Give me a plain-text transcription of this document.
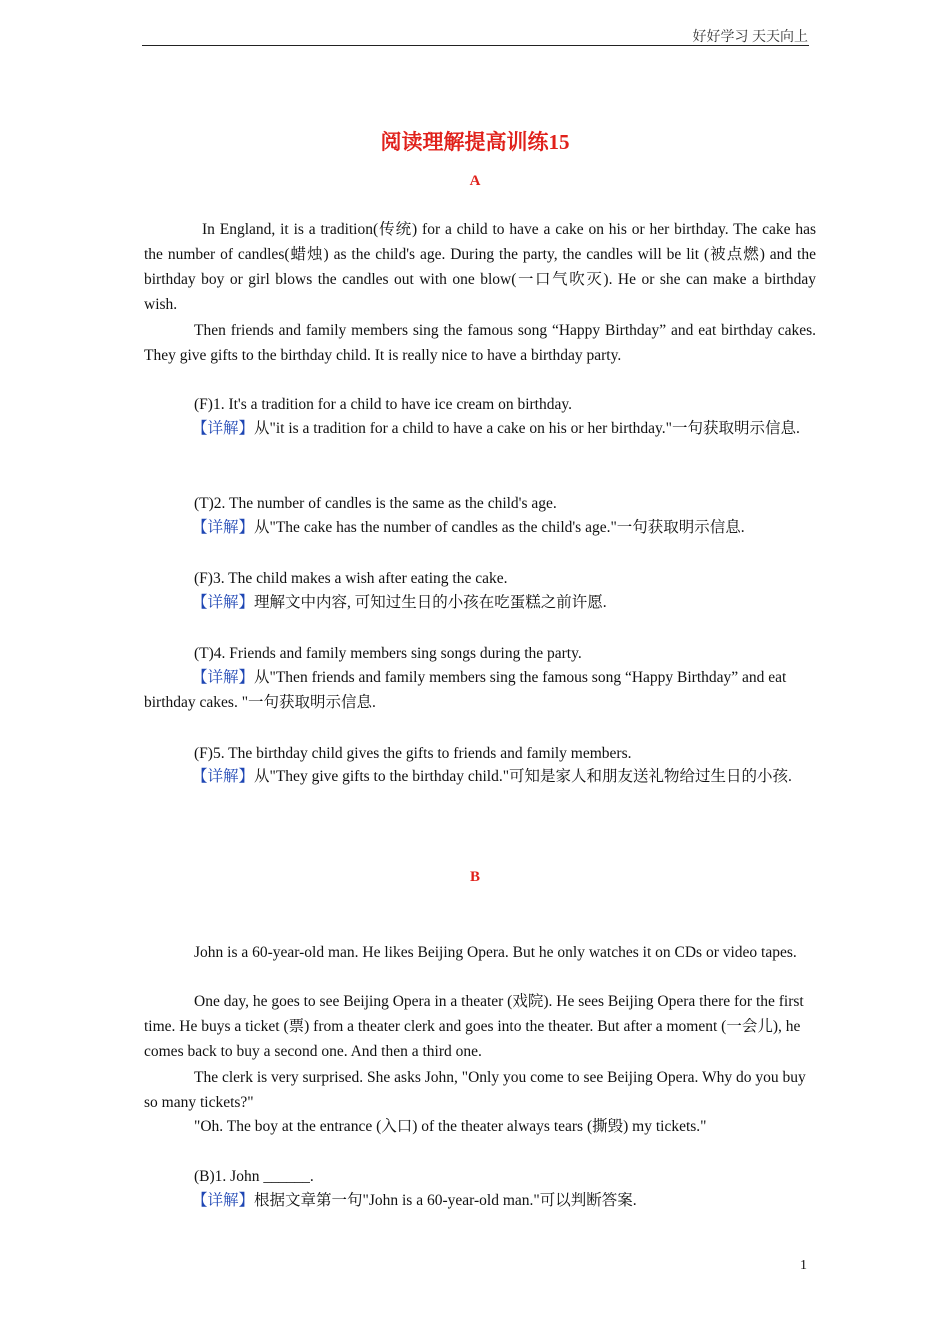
好好学习 天天向上
阅读理解提高训练15
A

In England, it is a tradition(传统) for a child to have a cake on his or her birthday. The cake has the number of candles(蜡烛) as the child's age. During the party, the candles will be lit (被点燃) and the birthday boy or girl blows the candles out with one blow(一口气吹灭). He or she can make a birthday wish.

Then friends and family members sing the famous song “Happy Birthday” and eat birthday cakes. They give gifts to the birthday child. It is really nice to have a birthday party.

(F)1. It's a tradition for a child to have ice cream on birthday.

【详解】从"it is a tradition for a child to have a cake on his or her birthday."一句获取明示信息.

(T)2. The number of candles is the same as the child's age.

【详解】从"The cake has the number of candles as the child's age."一句获取明示信息.

(F)3. The child makes a wish after eating the cake.

【详解】理解文中内容, 可知过生日的小孩在吃蛋糕之前许愿.

(T)4. Friends and family members sing songs during the party.

【详解】从"Then friends and family members sing the famous song “Happy Birthday” and eat birthday cakes. "一句获取明示信息.

(F)5. The birthday child gives the gifts to friends and family members.

【详解】从"They give gifts to the birthday child."可知是家人和朋友送礼物给过生日的小孩.

B

John is a 60-year-old man. He likes Beijing Opera. But he only watches it on CDs or video tapes.

One day, he goes to see Beijing Opera in a theater (戏院). He sees Beijing Opera there for the first time. He buys a ticket (票) from a theater clerk and goes into the theater. But after a moment (一会儿), he comes back to buy a second one. And then a third one.

The clerk is very surprised. She asks John, "Only you come to see Beijing Opera. Why do you buy so many tickets?"

"Oh. The boy at the entrance (入口) of the theater always tears (撕毁) my tickets."

(B)1. John ______.

【详解】根据文章第一句"John is a 60-year-old man."可以判断答案.

1
